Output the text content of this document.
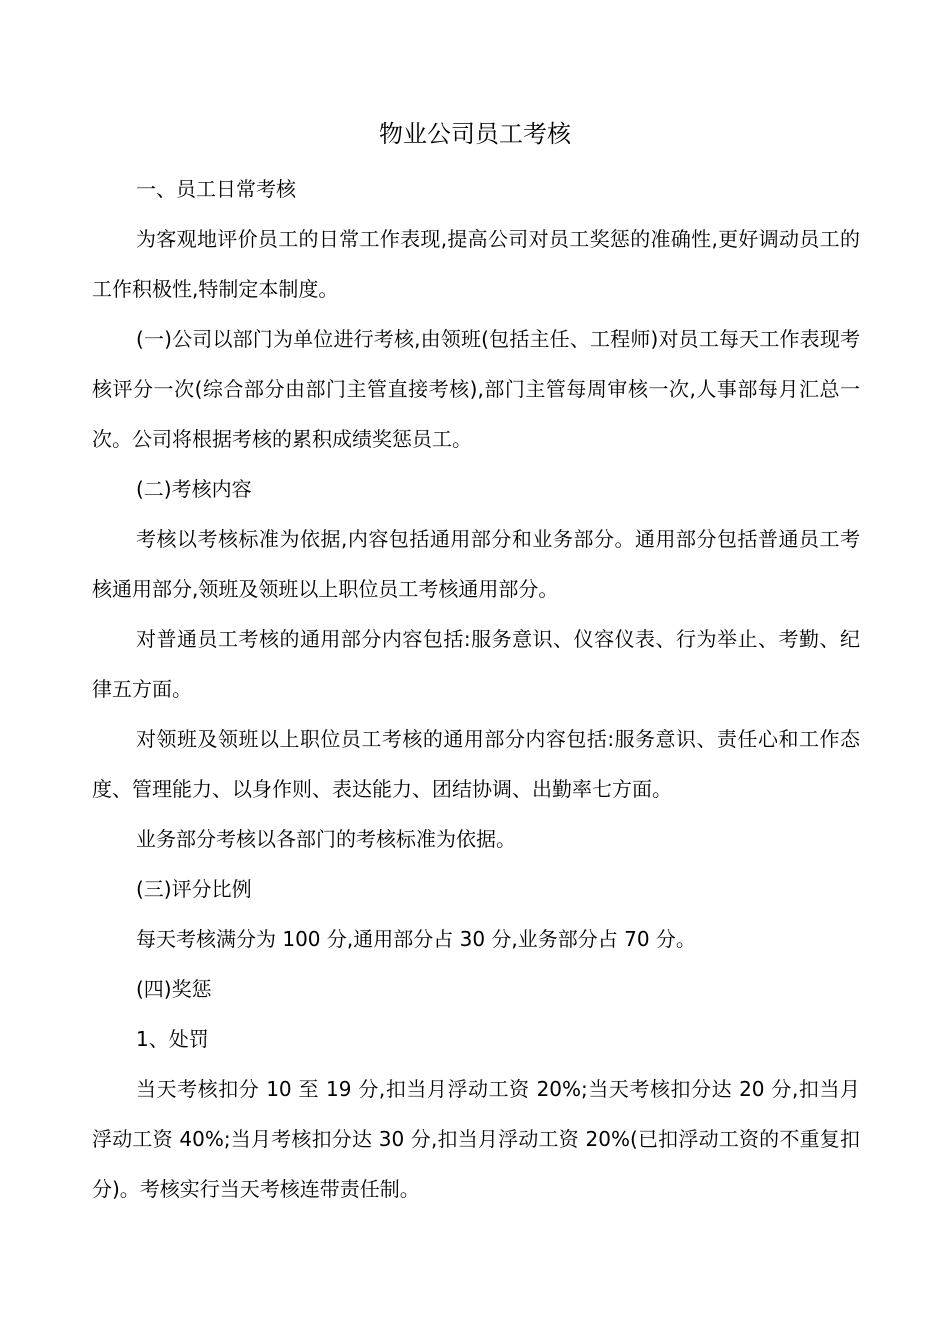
物业公司员工考核

一、员工日常考核

为客观地评价员工的日常工作表现,提高公司对员工奖惩的准确性,更好调动员工的工作积极性,特制定本制度。

(一)公司以部门为单位进行考核,由领班(包括主任、工程师)对员工每天工作表现考核评分一次(综合部分由部门主管直接考核),部门主管每周审核一次,人事部每月汇总一次。公司将根据考核的累积成绩奖惩员工。

(二)考核内容

考核以考核标准为依据,内容包括通用部分和业务部分。通用部分包括普通员工考核通用部分,领班及领班以上职位员工考核通用部分。

对普通员工考核的通用部分内容包括:服务意识、仪容仪表、行为举止、考勤、纪律五方面。

对领班及领班以上职位员工考核的通用部分内容包括:服务意识、责任心和工作态度、管理能力、以身作则、表达能力、团结协调、出勤率七方面。

业务部分考核以各部门的考核标准为依据。

(三)评分比例

每天考核满分为 100 分,通用部分占 30 分,业务部分占 70 分。

(四)奖惩

1、处罚

当天考核扣分 10 至 19 分,扣当月浮动工资 20%;当天考核扣分达 20 分,扣当月浮动工资 40%;当月考核扣分达 30 分,扣当月浮动工资 20%(已扣浮动工资的不重复扣分)。考核实行当天考核连带责任制。
